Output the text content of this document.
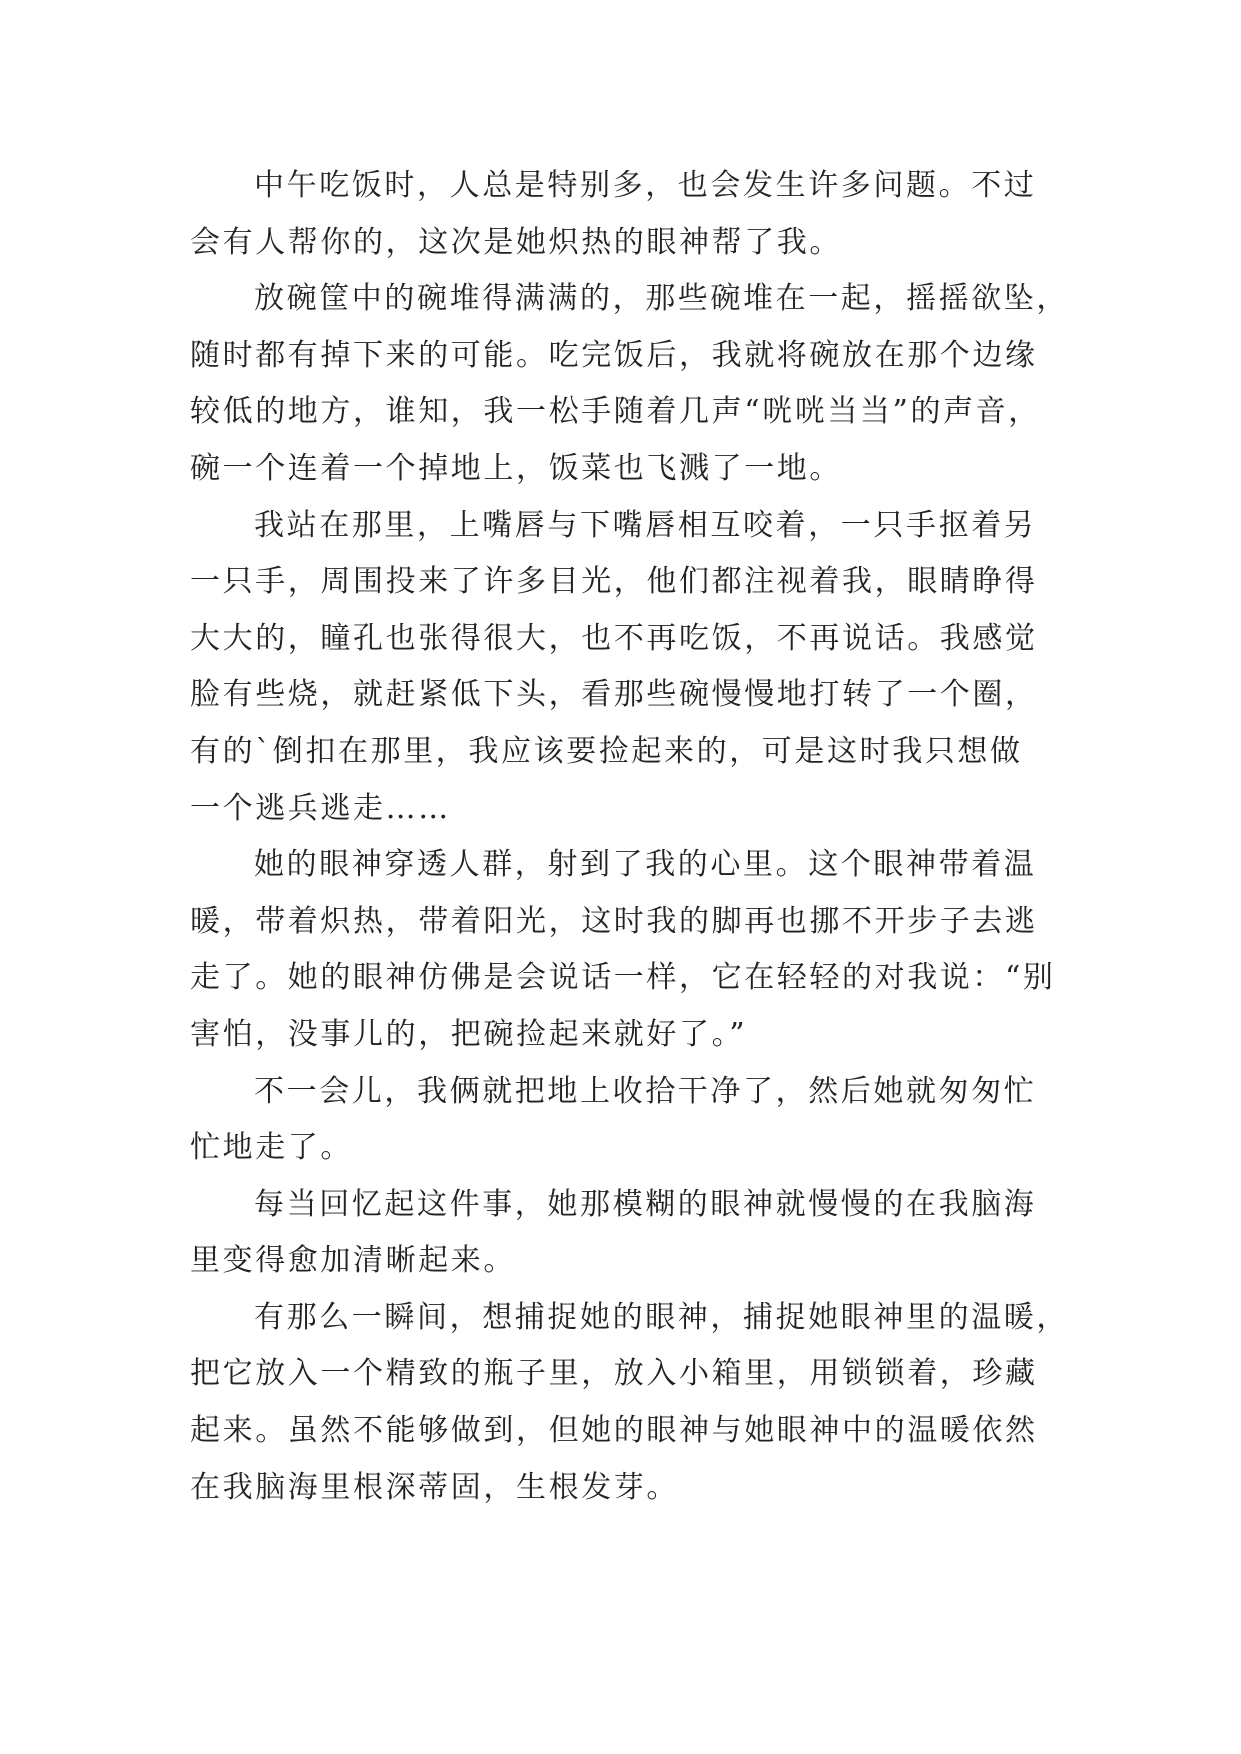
中午吃饭时，人总是特别多，也会发生许多问题。不过
会有人帮你的，这次是她炽热的眼神帮了我。
放碗筐中的碗堆得满满的，那些碗堆在一起，摇摇欲坠，
随时都有掉下来的可能。吃完饭后，我就将碗放在那个边缘
较低的地方，谁知，我一松手随着几声“咣咣当当”的声音，
碗一个连着一个掉地上，饭菜也飞溅了一地。
我站在那里，上嘴唇与下嘴唇相互咬着，一只手抠着另
一只手，周围投来了许多目光，他们都注视着我，眼睛睁得
大大的，瞳孔也张得很大，也不再吃饭，不再说话。我感觉
脸有些烧，就赶紧低下头，看那些碗慢慢地打转了一个圈，
有的`倒扣在那里，我应该要捡起来的，可是这时我只想做
一个逃兵逃走……
她的眼神穿透人群，射到了我的心里。这个眼神带着温
暖，带着炽热，带着阳光，这时我的脚再也挪不开步子去逃
走了。她的眼神仿佛是会说话一样，它在轻轻的对我说：“别
害怕，没事儿的，把碗捡起来就好了。”
不一会儿，我俩就把地上收拾干净了，然后她就匆匆忙
忙地走了。
每当回忆起这件事，她那模糊的眼神就慢慢的在我脑海
里变得愈加清晰起来。
有那么一瞬间，想捕捉她的眼神，捕捉她眼神里的温暖，
把它放入一个精致的瓶子里，放入小箱里，用锁锁着，珍藏
起来。虽然不能够做到，但她的眼神与她眼神中的温暖依然
在我脑海里根深蒂固，生根发芽。
